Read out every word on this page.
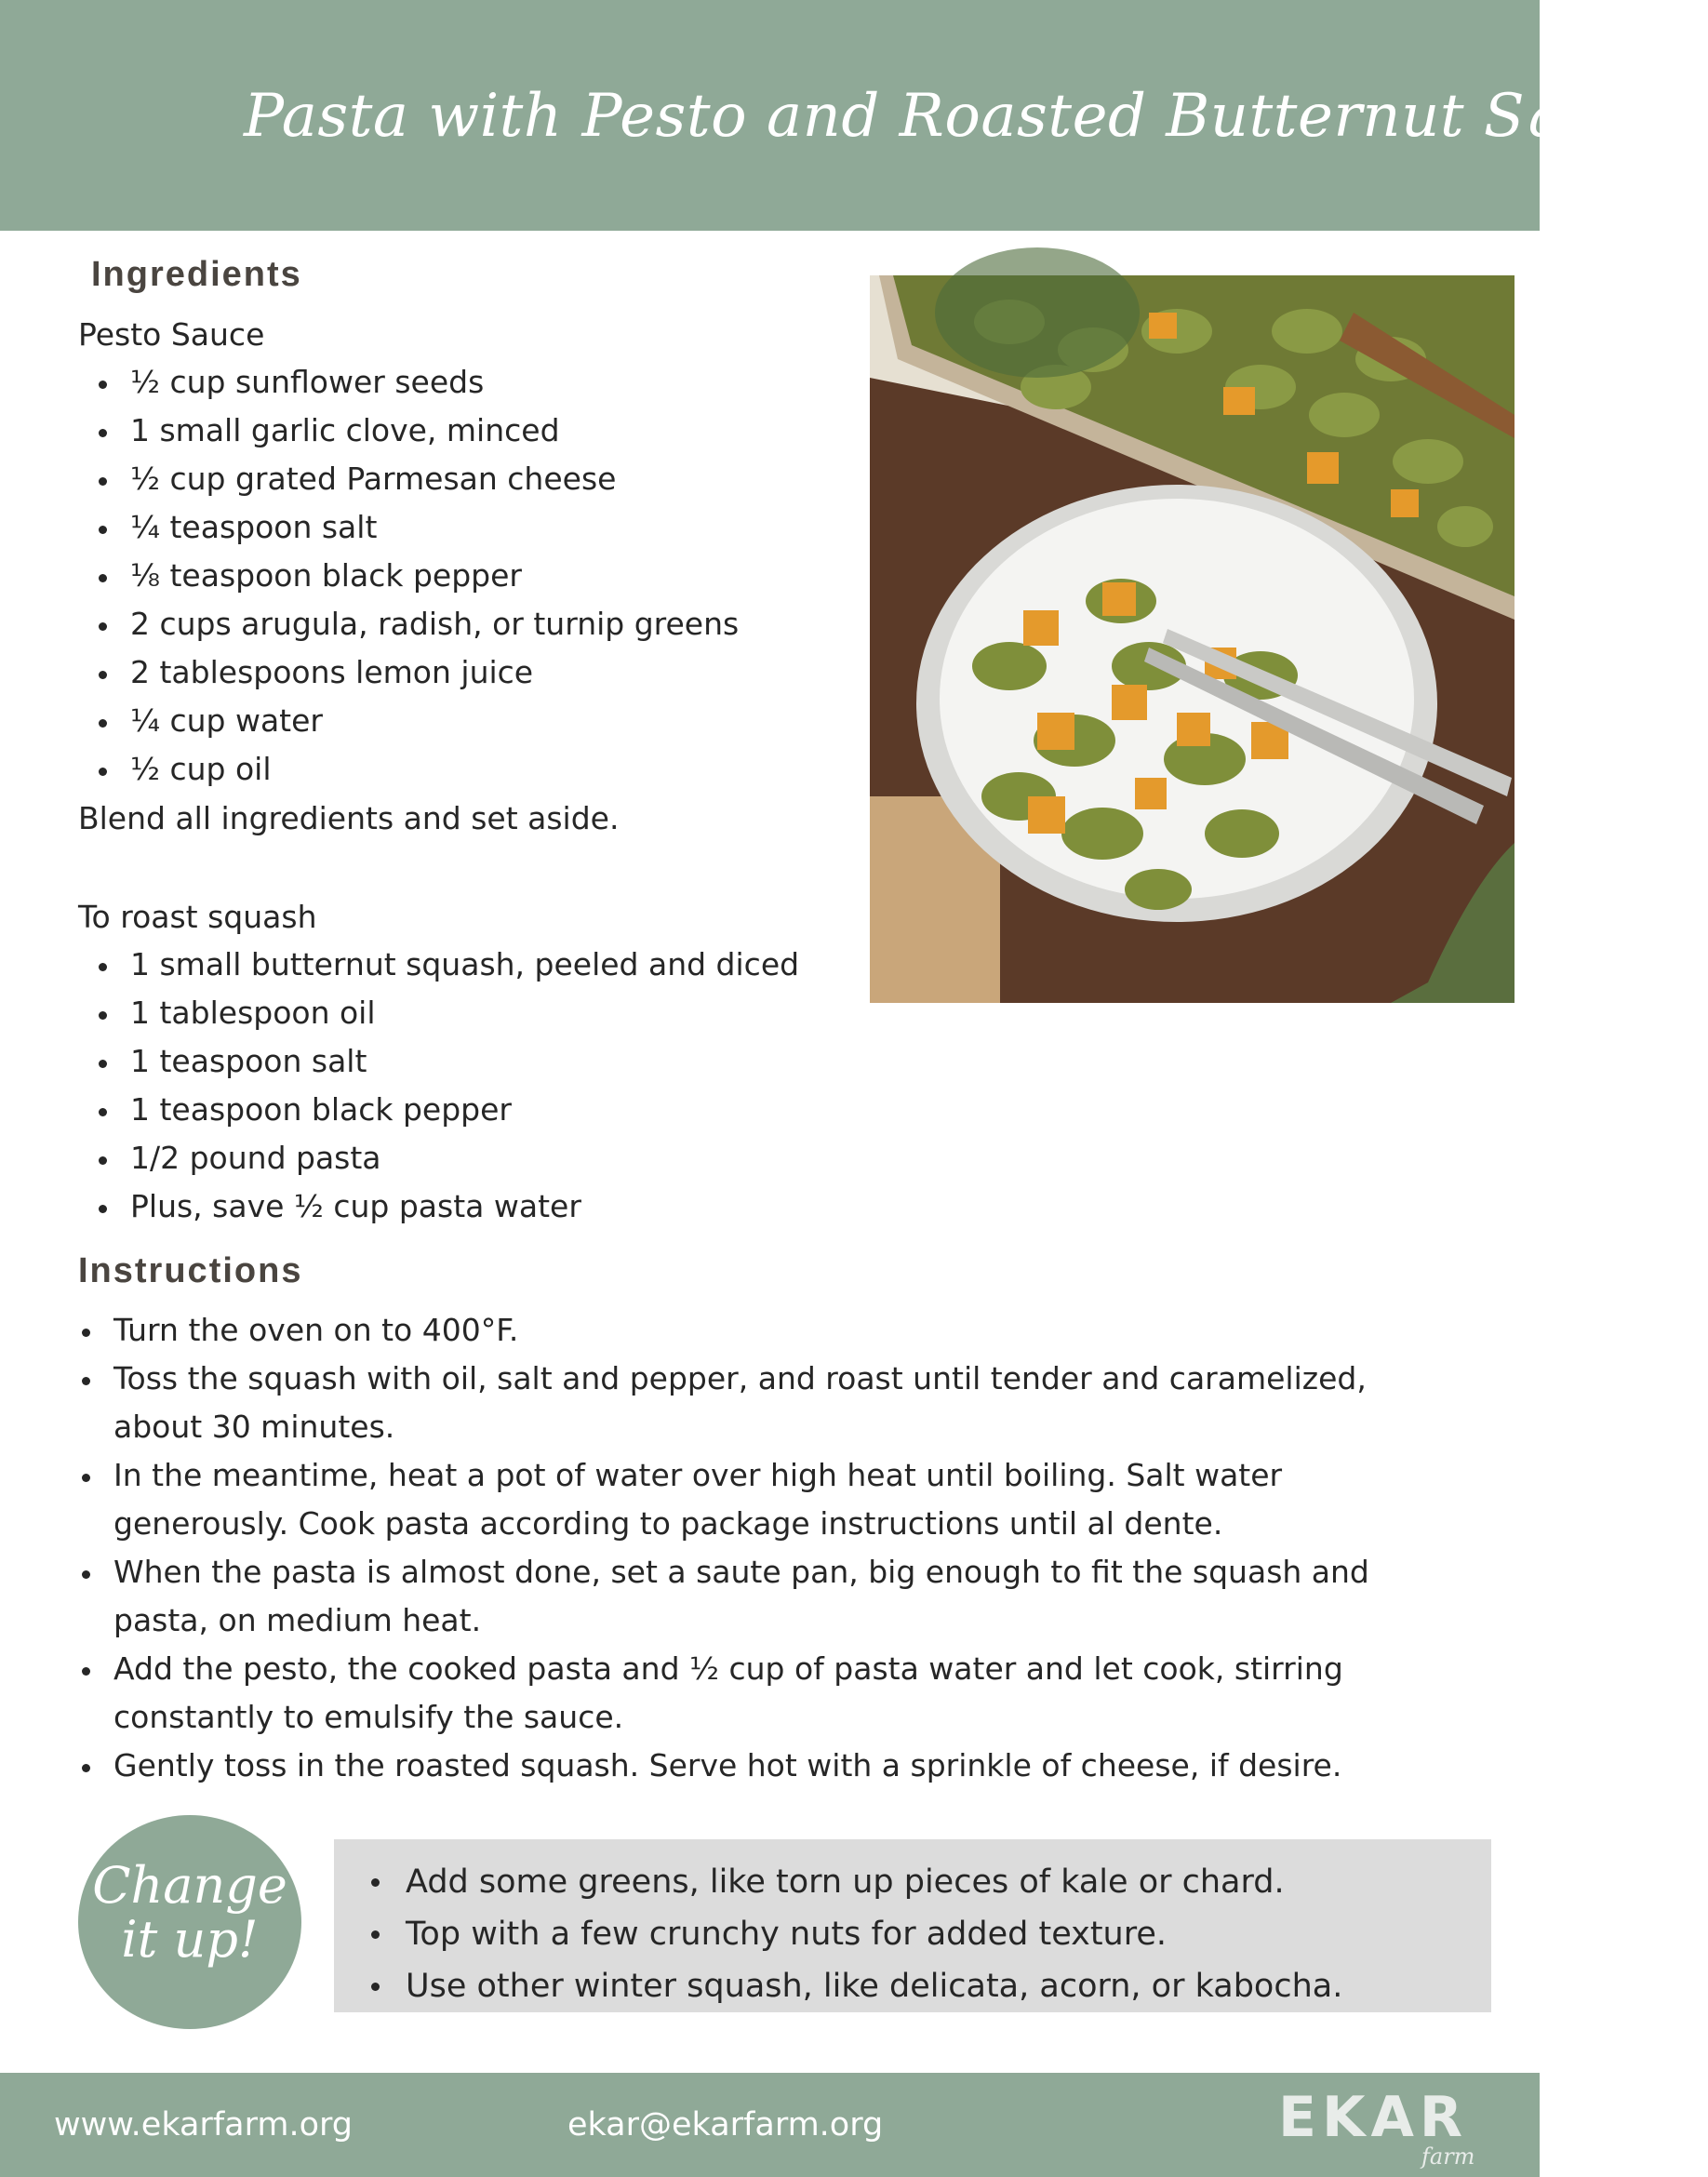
Pasta with Pesto and Roasted Butternut Squash
Ingredients
Pesto Sauce
½ cup sunflower seeds
1 small garlic clove, minced
½ cup grated Parmesan cheese
¼ teaspoon salt
⅛ teaspoon black pepper
2 cups arugula, radish, or turnip greens
2 tablespoons lemon juice
¼ cup water
½ cup oil
Blend all ingredients and set aside.
To roast squash
1 small butternut squash, peeled and diced
1 tablespoon oil
1 teaspoon salt
1 teaspoon black pepper
1/2 pound pasta
Plus, save ½ cup pasta water
Instructions
Turn the oven on to 400°F.
Toss the squash with oil, salt and pepper, and roast until tender and caramelized, about 30 minutes.
In the meantime, heat a pot of water over high heat until boiling. Salt water generously. Cook pasta according to package instructions until al dente.
When the pasta is almost done, set a saute pan, big enough to fit the squash and pasta, on medium heat.
Add the pesto, the cooked pasta and ½ cup of pasta water and let cook, stirring constantly to emulsify the sauce.
Gently toss in the roasted squash. Serve hot with a sprinkle of cheese, if desire.
Change
it up!
Add some greens, like torn up pieces of kale or chard.
Top with a few crunchy nuts for added texture.
Use other winter squash, like delicata, acorn, or kabocha.
www.ekarfarm.org	ekar@ekarfarm.org	EKAR
farm
